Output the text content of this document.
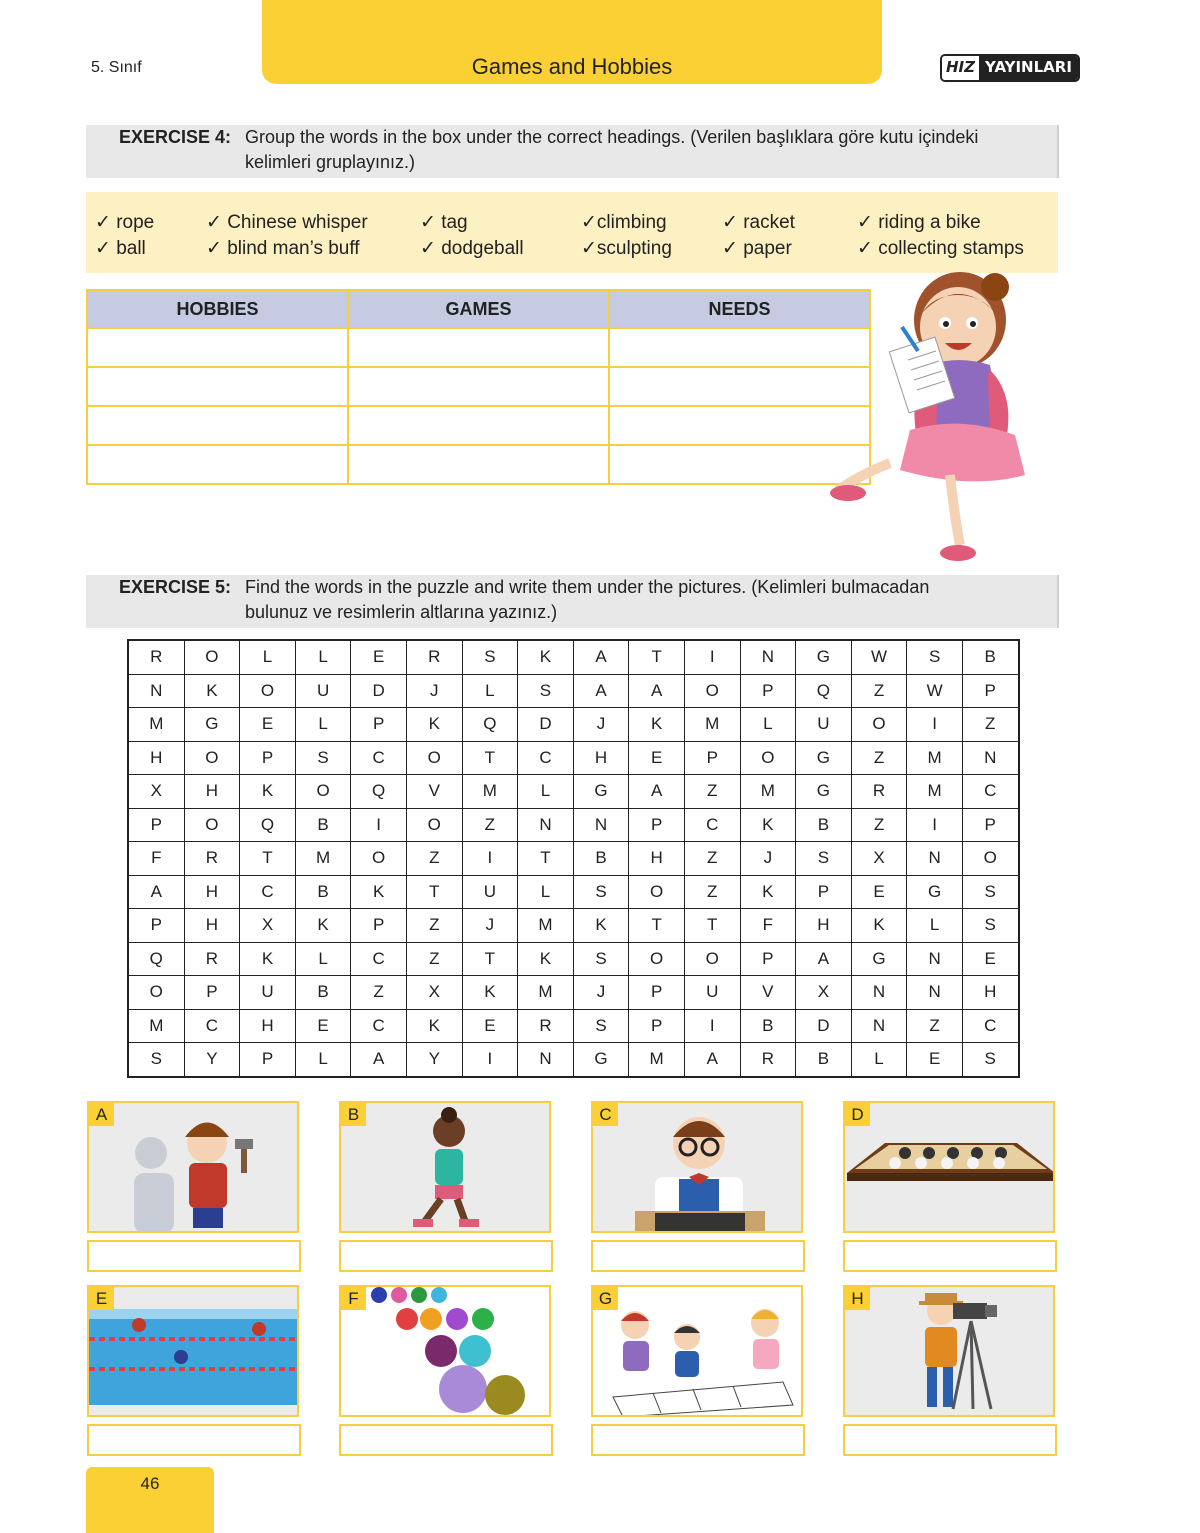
Games and Hobbies
5. Sınıf	HIZ YAYINLARI
EXERCISE 4: Group the words in the box under the correct headings. (Verilen başlıklara göre kutu içindeki
kelimleri gruplayınız.)
✓ rope
✓ ball
✓ Chinese whisper
✓ blind man’s buff
✓ tag
✓ dodgeball
✓climbing
✓sculpting
✓ racket
✓ paper
✓ riding a bike
✓ collecting stamps
HOBBIES	GAMES	NEEDS

EXERCISE 5: Find the words in the puzzle and write them under the pictures. (Kelimleri bulmacadan
bulunuz ve resimlerin altlarına yazınız.)
R	O	L	L	E	R	S	K	A	T	I	N	G	W	S	B
N	K	O	U	D	J	L	S	A	A	O	P	Q	Z	W	P
M	G	E	L	P	K	Q	D	J	K	M	L	U	O	I	Z
H	O	P	S	C	O	T	C	H	E	P	O	G	Z	M	N
X	H	K	O	Q	V	M	L	G	A	Z	M	G	R	M	C
P	O	Q	B	I	O	Z	N	N	P	C	K	B	Z	I	P
F	R	T	M	O	Z	I	T	B	H	Z	J	S	X	N	O
A	H	C	B	K	T	U	L	S	O	Z	K	P	E	G	S
P	H	X	K	P	Z	J	M	K	T	T	F	H	K	L	S
Q	R	K	L	C	Z	T	K	S	O	O	P	A	G	N	E
O	P	U	B	Z	X	K	M	J	P	U	V	X	N	N	H
M	C	H	E	C	K	E	R	S	P	I	B	D	N	Z	C
S	Y	P	L	A	Y	I	N	G	M	A	R	B	L	E	S
A	B	C	D
E	F	G	H
46
